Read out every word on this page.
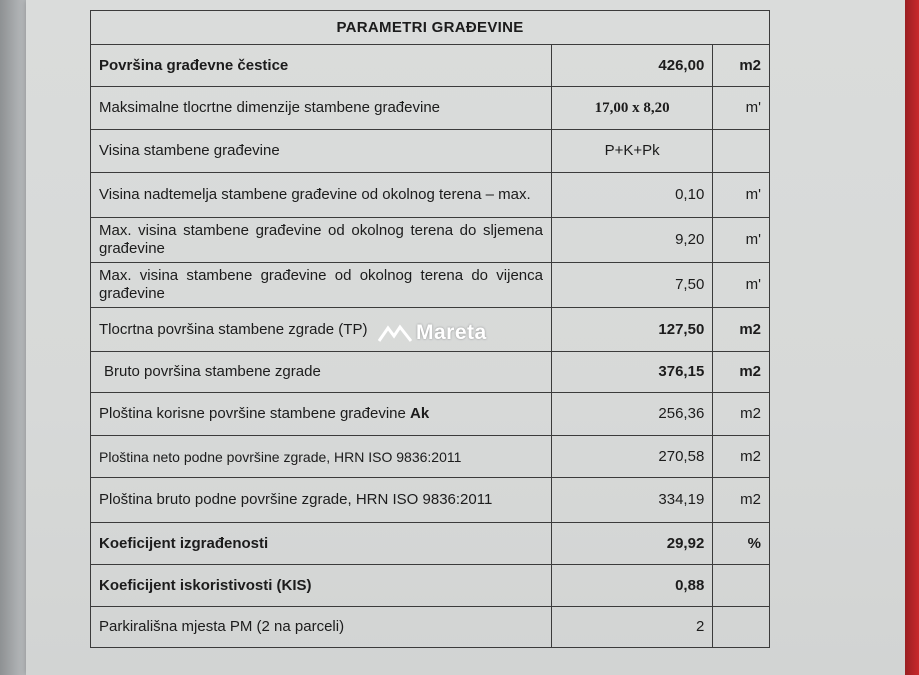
PARAMETRI GRAĐEVINE		
Površina građevne čestice	426,00	m2
Maksimalne tlocrtne dimenzije stambene građevine	17,00 x 8,20	m'
Visina stambene građevine	P+K+Pk	
Visina nadtemelja stambene građevine od okolnog terena – max.	0,10	m'
Max. visina stambene građevine od okolnog terena do sljemena građevine	9,20	m'
Max. visina stambene građevine od okolnog terena do vijenca građevine	7,50	m'
Tlocrtna površina stambene zgrade (TP)	127,50	m2
Bruto površina stambene zgrade	376,15	m2
Ploština korisne površine stambene građevine Ak	256,36	m2
Ploština neto podne površine zgrade, HRN ISO 9836:2011	270,58	m2
Ploština bruto podne površine zgrade, HRN ISO 9836:2011	334,19	m2
Koeficijent izgrađenosti	29,92	%
Koeficijent iskoristivosti (KIS)	0,88	
Parkirališna mjesta PM (2 na parceli)	2	
Mareta
